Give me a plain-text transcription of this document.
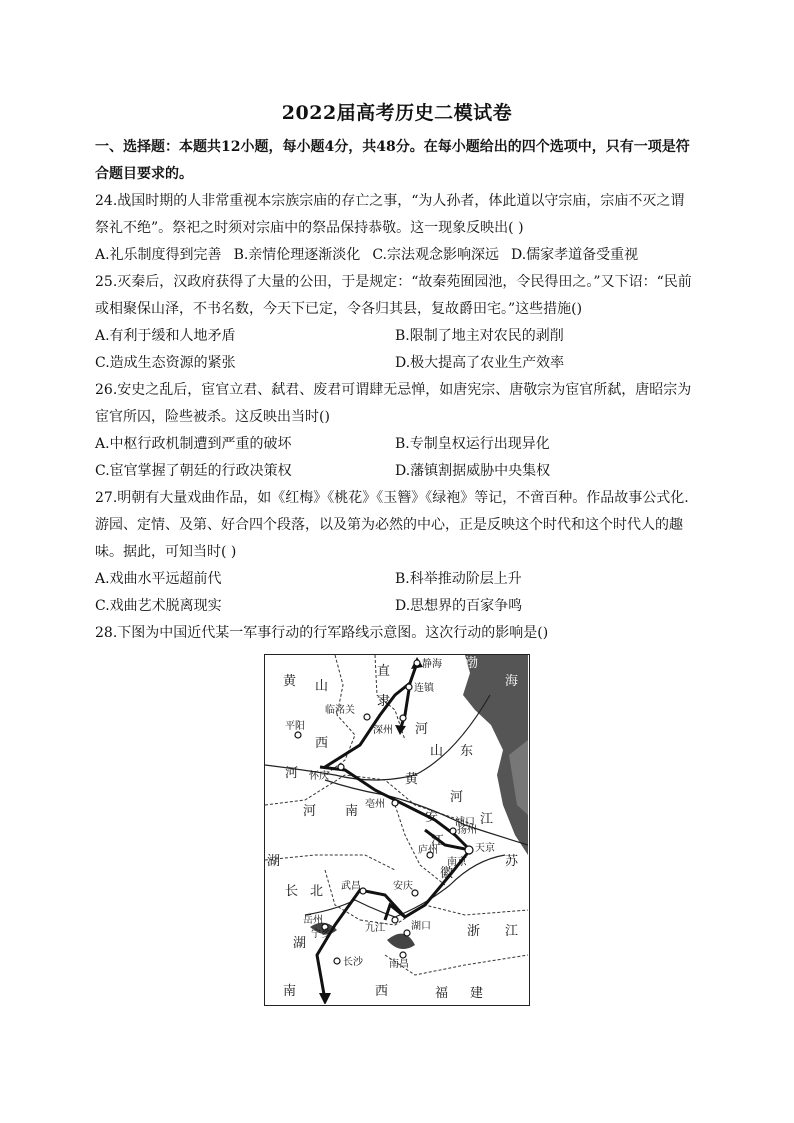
2022届高考历史二模试卷
一、选择题：本题共12小题，每小题4分，共48分。在每小题给出的四个选项中，只有一项是符合题目要求的。
24.战国时期的人非常重视本宗族宗庙的存亡之事，“为人孙者，体此道以守宗庙，宗庙不灭之谓祭礼不绝”。祭祀之时须对宗庙中的祭品保持恭敬。这一现象反映出( )
A.礼乐制度得到完善 B.亲情伦理逐渐淡化 C.宗法观念影响深远 D.儒家孝道备受重视
25.灭秦后，汉政府获得了大量的公田，于是规定：“故秦苑囿园池，令民得田之。”又下诏：“民前或相聚保山泽，不书名数，今天下已定，令各归其县，复故爵田宅。”这些措施()
A.有利于缓和人地矛盾	B.限制了地主对农民的剥削
C.造成生态资源的紧张	D.极大提高了农业生产效率
26.安史之乱后，宦官立君、弑君、废君可谓肆无忌惮，如唐宪宗、唐敬宗为宦官所弑，唐昭宗为宦官所囚，险些被杀。这反映出当时()
A.中枢行政机制遭到严重的破坏	B.专制皇权运行出现异化
C.宦官掌握了朝廷的行政决策权	D.藩镇割据威胁中央集权
27.明朝有大量戏曲作品，如《红梅》《桃花》《玉簪》《绿袍》等记，不啻百种。作品故事公式化.游园、定情、及第、好合四个段落，以及第为必然的中心，正是反映这个时代和这个时代人的趣味。据此，可知当时( )
A.戏曲水平远超前代	B.科举推动阶层上升
C.戏曲艺术脱离现实	D.思想界的百家争鸣
28.下图为中国近代某一军事行动的行军路线示意图。这次行动的影响是()
黄 山
西
直
隶
山 东
黄
河
河 南	安
徽
江
苏
湖
北
长
湖
南
江
西
浙 江
福 建
河
渤
海
河
静海
连镇
临洺关
深州
平阳
怀庆
亳州
扬州
浦口
南京
天京
庐州
安庆
武昌
岳州
宁乡
长沙
九江	湖口
南昌
